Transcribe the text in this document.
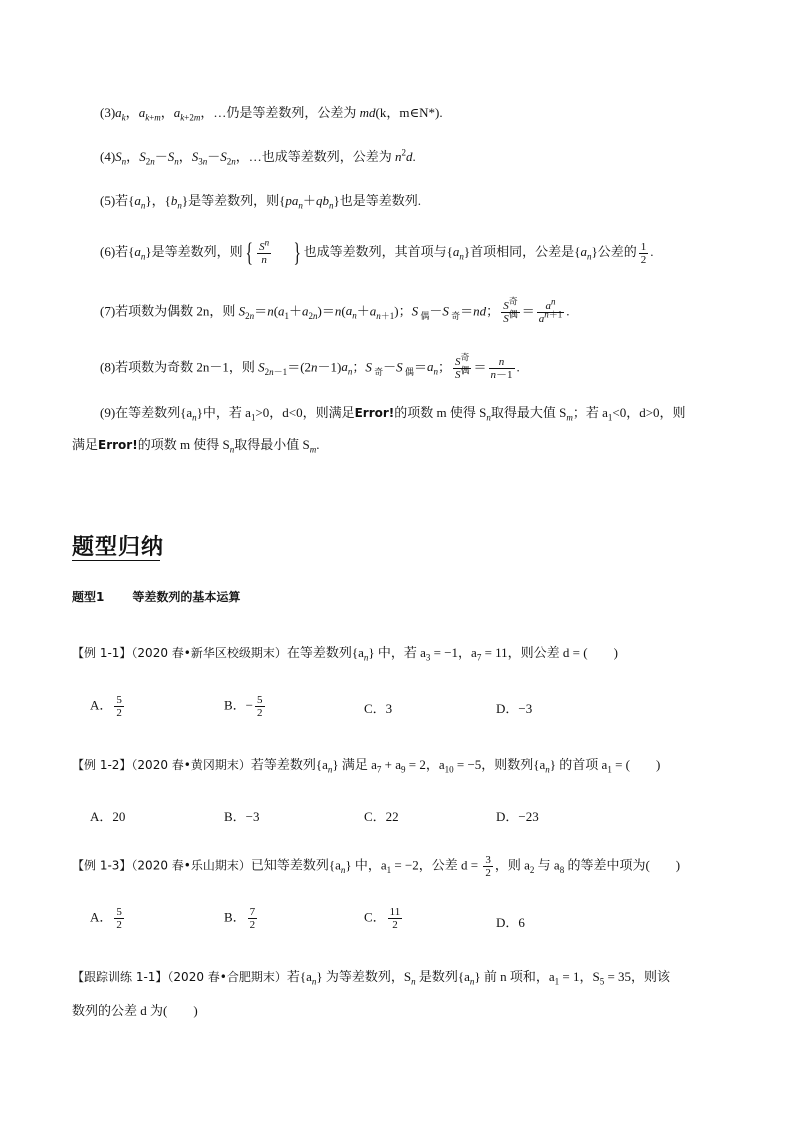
$(3)a_k$，$a_{k+m}$，$a_{k+2m}$，…仍是等差数列，公差为 md(k，m∈N*).
$(4)S_n$，$S_{2n}-S_n$，$S_{3n}-S_{2n}$，…也成等差数列，公差为 $n^2d$.
(5)若$\{a_n\}$，$\{b_n\}$是等差数列，则$\{pa_n+qb_n\}$也是等差数列.
(6)若$\{a_n\}$是等差数列，则{ $\frac{S^n}{n}$ } 也成等差数列，其首项与$\{a_n\}$首项相同，公差是$\{a_n\}$公差的 $\frac{1}{2}$ .
(7)若项数为偶数 2n，则 $S_{2n}=n(a_1+a_{2n})=n(a_n+a_{n+1})$；S $_偶$－S $_奇$＝nd； $\frac{S^奇}{S^偶} = \frac{a^n}{a^{n+1}}$ .
(8)若项数为奇数 2n－1，则 $S_{2n-1}=(2n-1)a_n$；S $_奇$－S $_偶=a_n$； $\frac{S^奇}{S^偶} = \frac{n}{n-1}$ .
(9)在等差数列$\{a_n\}$中，若 $a_1>0$，d<0，则满足Error!的项数 m 使得 $S_n$取得最大值 $S_m$；若 $a_1<0$，d>0，则
满足Error!的项数 m 使得 $S_n$取得最小值 $S_m$.
题型归纳
题型1 等差数列的基本运算
【例 1-1】（2020 春•新华区校级期末）在等差数列$\{a_n\}$ 中，若 $a_3 = -1$，$a_7 = 11$，则公差 d = (　　)
A． $\frac{5}{2}$	B．− $\frac{5}{2}$	C．3	D．−3
【例 1-2】（2020 春•黄冈期末）若等差数列$\{a_n\}$ 满足 $a_7 + a_9 = 2$，$a_{10} = -5$，则数列$\{a_n\}$ 的首项 $a_1$ = (　　)
A．20	B．−3	C．22	D．−23
【例 1-3】（2020 春•乐山期末）已知等差数列$\{a_n\}$ 中，$a_1 = -2$，公差 $d = \frac{3}{2}$ ，则 $a_2$ 与 $a_8$ 的等差中项为(　　)
A． $\frac{5}{2}$	B． $\frac{7}{2}$	C． $\frac{11}{2}$	D．6
【跟踪训练 1-1】（2020 春•合肥期末）若$\{a_n\}$ 为等差数列，$S_n$ 是数列$\{a_n\}$ 前 n 项和，$a_1 = 1$，$S_5 = 35$，则该
数列的公差 d 为(　　)
